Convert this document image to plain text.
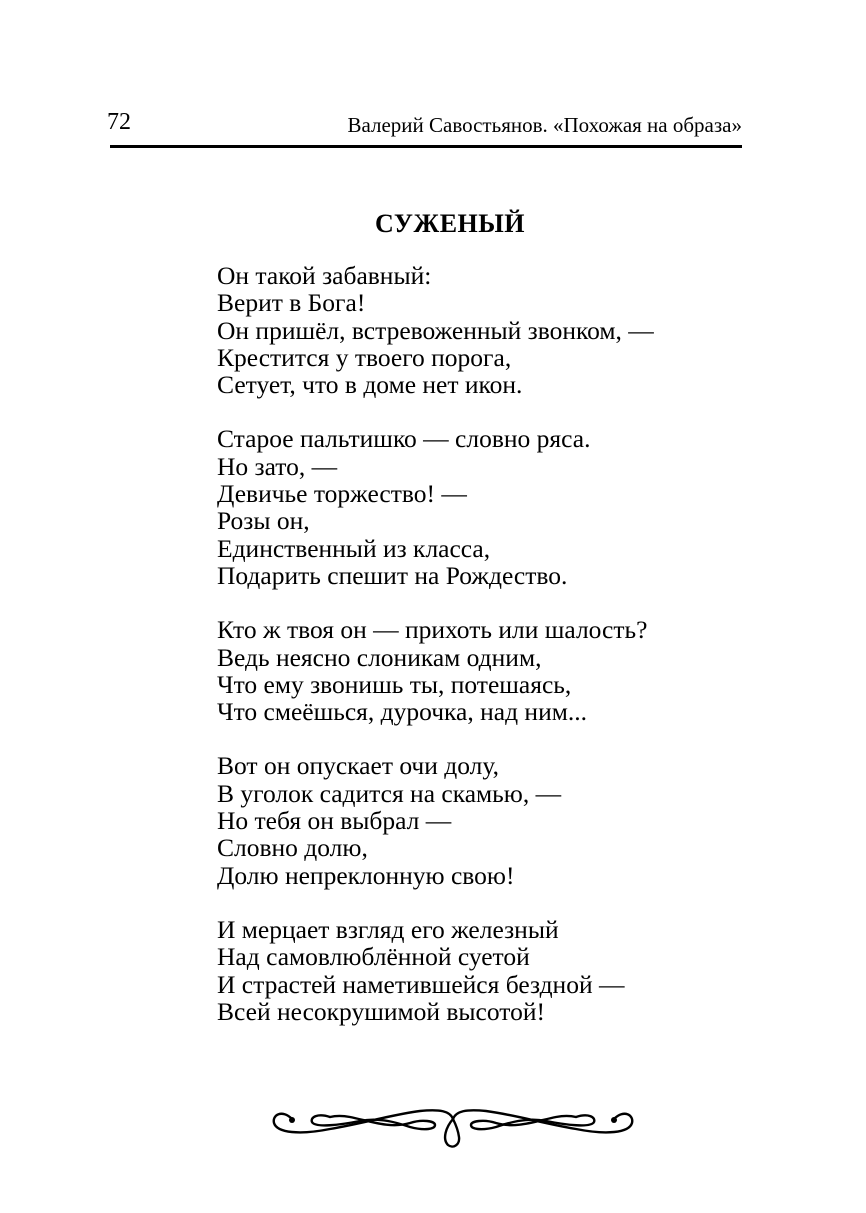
72	Валерий Савостьянов. «Похожая на образа»
СУЖЕНЫЙ
Он такой забавный:
Верит в Бога!
Он пришёл, встревоженный звонком, —
Крестится у твоего порога,
Сетует, что в доме нет икон.
Старое пальтишко — словно ряса.
Но зато, —
Девичье торжество! —
Розы он,
Единственный из класса,
Подарить спешит на Рождество.
Кто ж твоя он — прихоть или шалость?
Ведь неясно слоникам одним,
Что ему звонишь ты, потешаясь,
Что смеёшься, дурочка, над ним...
Вот он опускает очи долу,
В уголок садится на скамью, —
Но тебя он выбрал —
Словно долю,
Долю непреклонную свою!
И мерцает взгляд его железный
Над самовлюблённой суетой
И страстей наметившейся бездной —
Всей несокрушимой высотой!
